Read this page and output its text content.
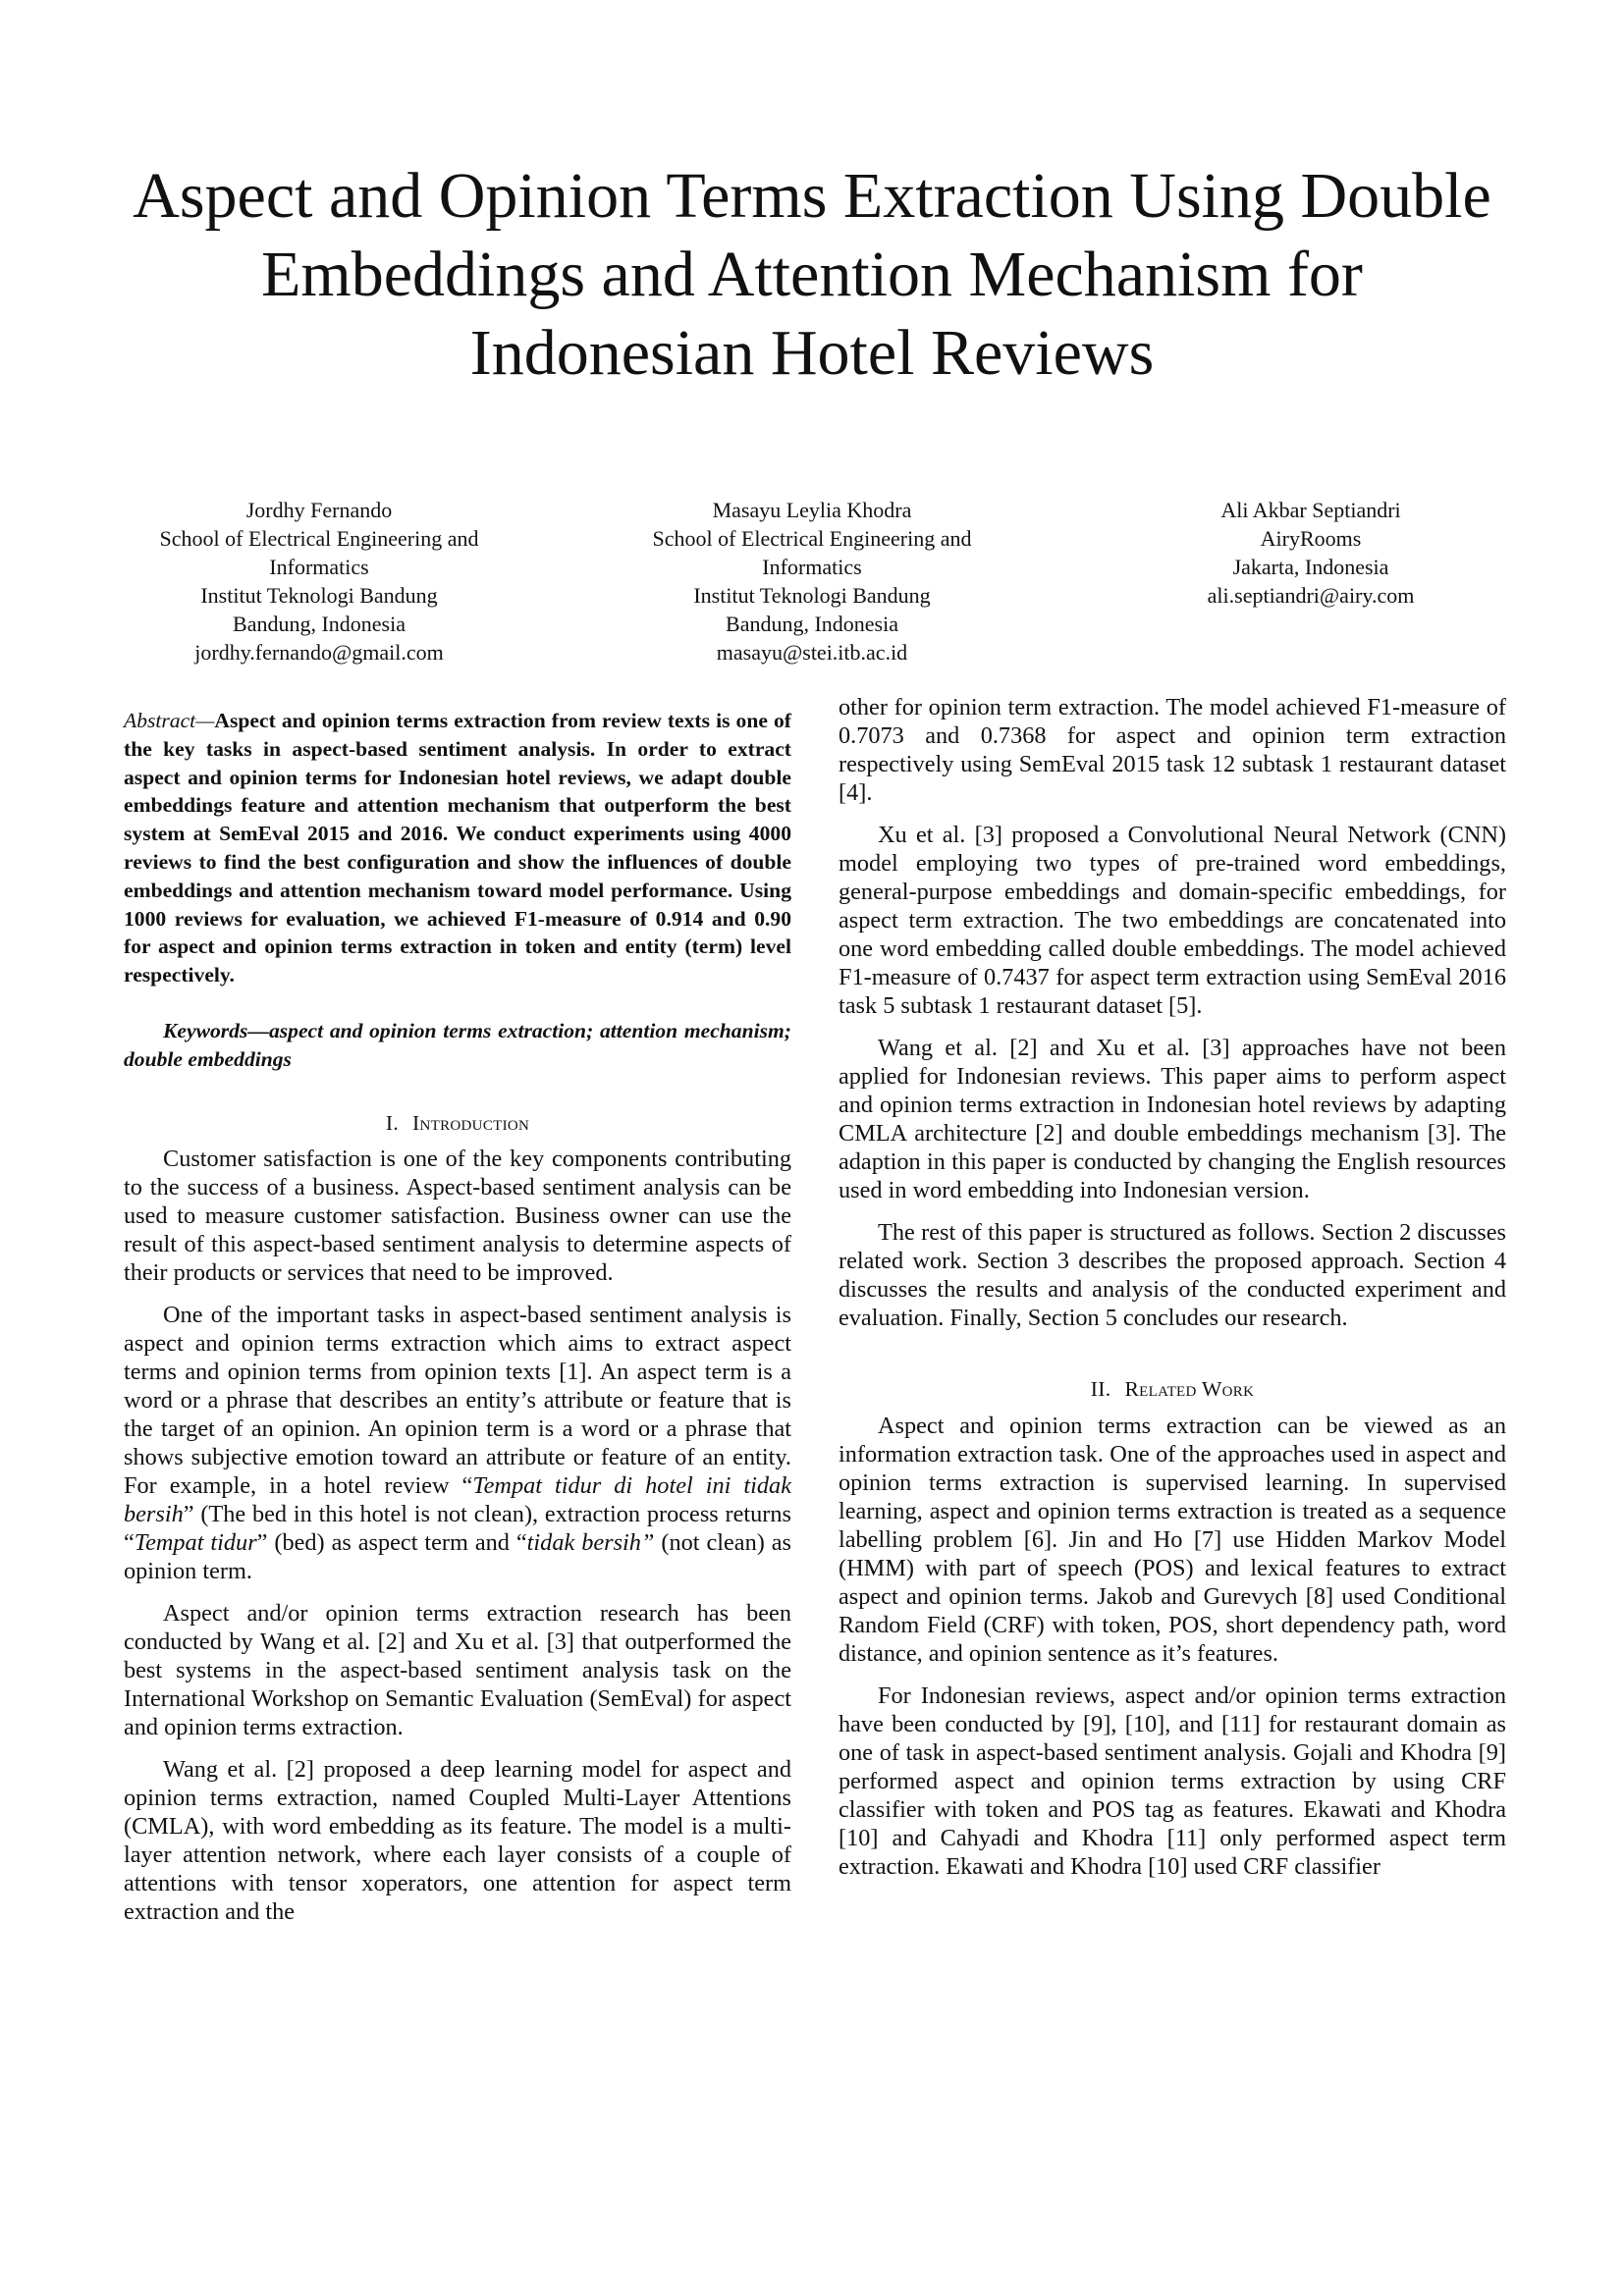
Aspect and Opinion Terms Extraction Using Double
Embeddings and Attention Mechanism for
Indonesian Hotel Reviews
Jordhy Fernando
School of Electrical Engineering and
Informatics
Institut Teknologi Bandung
Bandung, Indonesia
jordhy.fernando@gmail.com
Masayu Leylia Khodra
School of Electrical Engineering and
Informatics
Institut Teknologi Bandung
Bandung, Indonesia
masayu@stei.itb.ac.id
Ali Akbar Septiandri
AiryRooms
Jakarta, Indonesia
ali.septiandri@airy.com

Abstract—Aspect and opinion terms extraction from review texts is one of the key tasks in aspect-based sentiment analysis. In order to extract aspect and opinion terms for Indonesian hotel reviews, we adapt double embeddings feature and attention mechanism that outperform the best system at SemEval 2015 and 2016. We conduct experiments using 4000 reviews to find the best configuration and show the influences of double embeddings and attention mechanism toward model performance. Using 1000 reviews for evaluation, we achieved F1-measure of 0.914 and 0.90 for aspect and opinion terms extraction in token and entity (term) level respectively.

Keywords—aspect and opinion terms extraction; attention mechanism; double embeddings

I. Introduction

Customer satisfaction is one of the key components contributing to the success of a business. Aspect-based sentiment analysis can be used to measure customer satisfaction. Business owner can use the result of this aspect-based sentiment analysis to determine aspects of their products or services that need to be improved.

One of the important tasks in aspect-based sentiment analysis is aspect and opinion terms extraction which aims to extract aspect terms and opinion terms from opinion texts [1]. An aspect term is a word or a phrase that describes an entity’s attribute or feature that is the target of an opinion. An opinion term is a word or a phrase that shows subjective emotion toward an attribute or feature of an entity. For example, in a hotel review “Tempat tidur di hotel ini tidak bersih” (The bed in this hotel is not clean), extraction process returns “Tempat tidur” (bed) as aspect term and “tidak bersih” (not clean) as opinion term.

Aspect and/or opinion terms extraction research has been conducted by Wang et al. [2] and Xu et al. [3] that outperformed the best systems in the aspect-based sentiment analysis task on the International Workshop on Semantic Evaluation (SemEval) for aspect and opinion terms extraction.

Wang et al. [2] proposed a deep learning model for aspect and opinion terms extraction, named Coupled Multi-Layer Attentions (CMLA), with word embedding as its feature. The model is a multi-layer attention network, where each layer consists of a couple of attentions with tensor xoperators, one attention for aspect term extraction and the

other for opinion term extraction. The model achieved F1-measure of 0.7073 and 0.7368 for aspect and opinion term extraction respectively using SemEval 2015 task 12 subtask 1 restaurant dataset [4].

Xu et al. [3] proposed a Convolutional Neural Network (CNN) model employing two types of pre-trained word embeddings, general-purpose embeddings and domain-specific embeddings, for aspect term extraction. The two embeddings are concatenated into one word embedding called double embeddings. The model achieved F1-measure of 0.7437 for aspect term extraction using SemEval 2016 task 5 subtask 1 restaurant dataset [5].

Wang et al. [2] and Xu et al. [3] approaches have not been applied for Indonesian reviews. This paper aims to perform aspect and opinion terms extraction in Indonesian hotel reviews by adapting CMLA architecture [2] and double embeddings mechanism [3]. The adaption in this paper is conducted by changing the English resources used in word embedding into Indonesian version.

The rest of this paper is structured as follows. Section 2 discusses related work. Section 3 describes the proposed approach. Section 4 discusses the results and analysis of the conducted experiment and evaluation. Finally, Section 5 concludes our research.

II. Related Work

Aspect and opinion terms extraction can be viewed as an information extraction task. One of the approaches used in aspect and opinion terms extraction is supervised learning. In supervised learning, aspect and opinion terms extraction is treated as a sequence labelling problem [6]. Jin and Ho [7] use Hidden Markov Model (HMM) with part of speech (POS) and lexical features to extract aspect and opinion terms. Jakob and Gurevych [8] used Conditional Random Field (CRF) with token, POS, short dependency path, word distance, and opinion sentence as it’s features.

For Indonesian reviews, aspect and/or opinion terms extraction have been conducted by [9], [10], and [11] for restaurant domain as one of task in aspect-based sentiment analysis. Gojali and Khodra [9] performed aspect and opinion terms extraction by using CRF classifier with token and POS tag as features. Ekawati and Khodra [10] and Cahyadi and Khodra [11] only performed aspect term extraction. Ekawati and Khodra [10] used CRF classifier
